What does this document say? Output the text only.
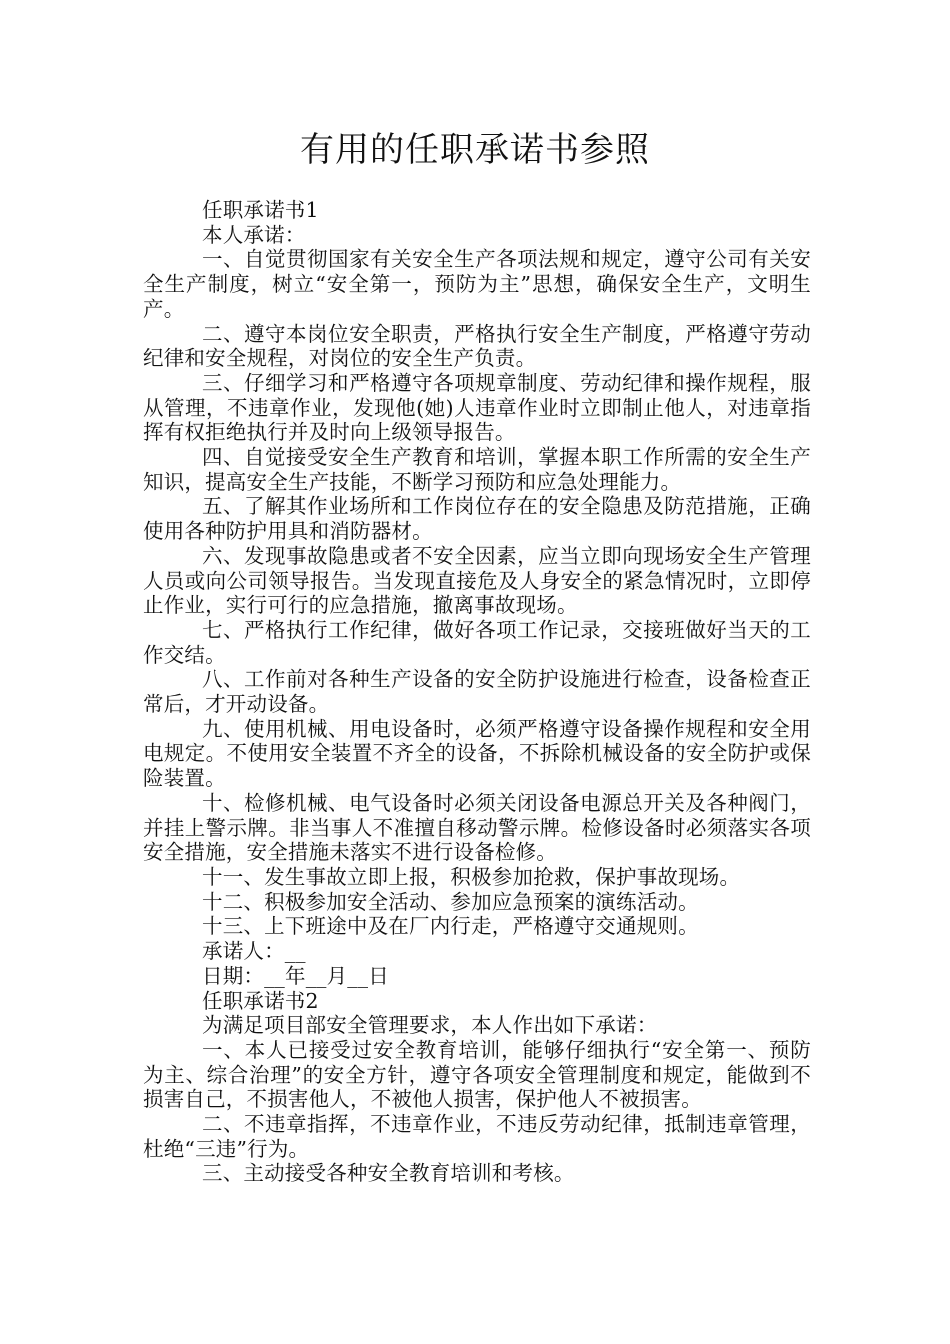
有用的任职承诺书参照

任职承诺书1

本人承诺：

一、自觉贯彻国家有关安全生产各项法规和规定，遵守公司有关安全生产制度，树立“安全第一，预防为主”思想，确保安全生产，文明生产。

二、遵守本岗位安全职责，严格执行安全生产制度，严格遵守劳动纪律和安全规程，对岗位的安全生产负责。

三、仔细学习和严格遵守各项规章制度、劳动纪律和操作规程，服从管理，不违章作业，发现他(她)人违章作业时立即制止他人，对违章指挥有权拒绝执行并及时向上级领导报告。

四、自觉接受安全生产教育和培训，掌握本职工作所需的安全生产知识，提高安全生产技能，不断学习预防和应急处理能力。

五、了解其作业场所和工作岗位存在的安全隐患及防范措施，正确使用各种防护用具和消防器材。

六、发现事故隐患或者不安全因素，应当立即向现场安全生产管理人员或向公司领导报告。当发现直接危及人身安全的紧急情况时，立即停止作业，实行可行的应急措施，撤离事故现场。

七、严格执行工作纪律，做好各项工作记录，交接班做好当天的工作交结。

八、工作前对各种生产设备的安全防护设施进行检查，设备检查正常后，才开动设备。

九、使用机械、用电设备时，必须严格遵守设备操作规程和安全用电规定。不使用安全装置不齐全的设备，不拆除机械设备的安全防护或保险装置。

十、检修机械、电气设备时必须关闭设备电源总开关及各种阀门，并挂上警示牌。非当事人不准擅自移动警示牌。检修设备时必须落实各项安全措施，安全措施未落实不进行设备检修。

十一、发生事故立即上报，积极参加抢救，保护事故现场。

十二、积极参加安全活动、参加应急预案的演练活动。

十三、上下班途中及在厂内行走，严格遵守交通规则。

承诺人：__

日期：__年__月__日

任职承诺书2

为满足项目部安全管理要求，本人作出如下承诺：

一、本人已接受过安全教育培训，能够仔细执行“安全第一、预防为主、综合治理”的安全方针，遵守各项安全管理制度和规定，能做到不损害自己，不损害他人，不被他人损害，保护他人不被损害。

二、不违章指挥，不违章作业，不违反劳动纪律，抵制违章管理，杜绝“三违”行为。

三、主动接受各种安全教育培训和考核。
